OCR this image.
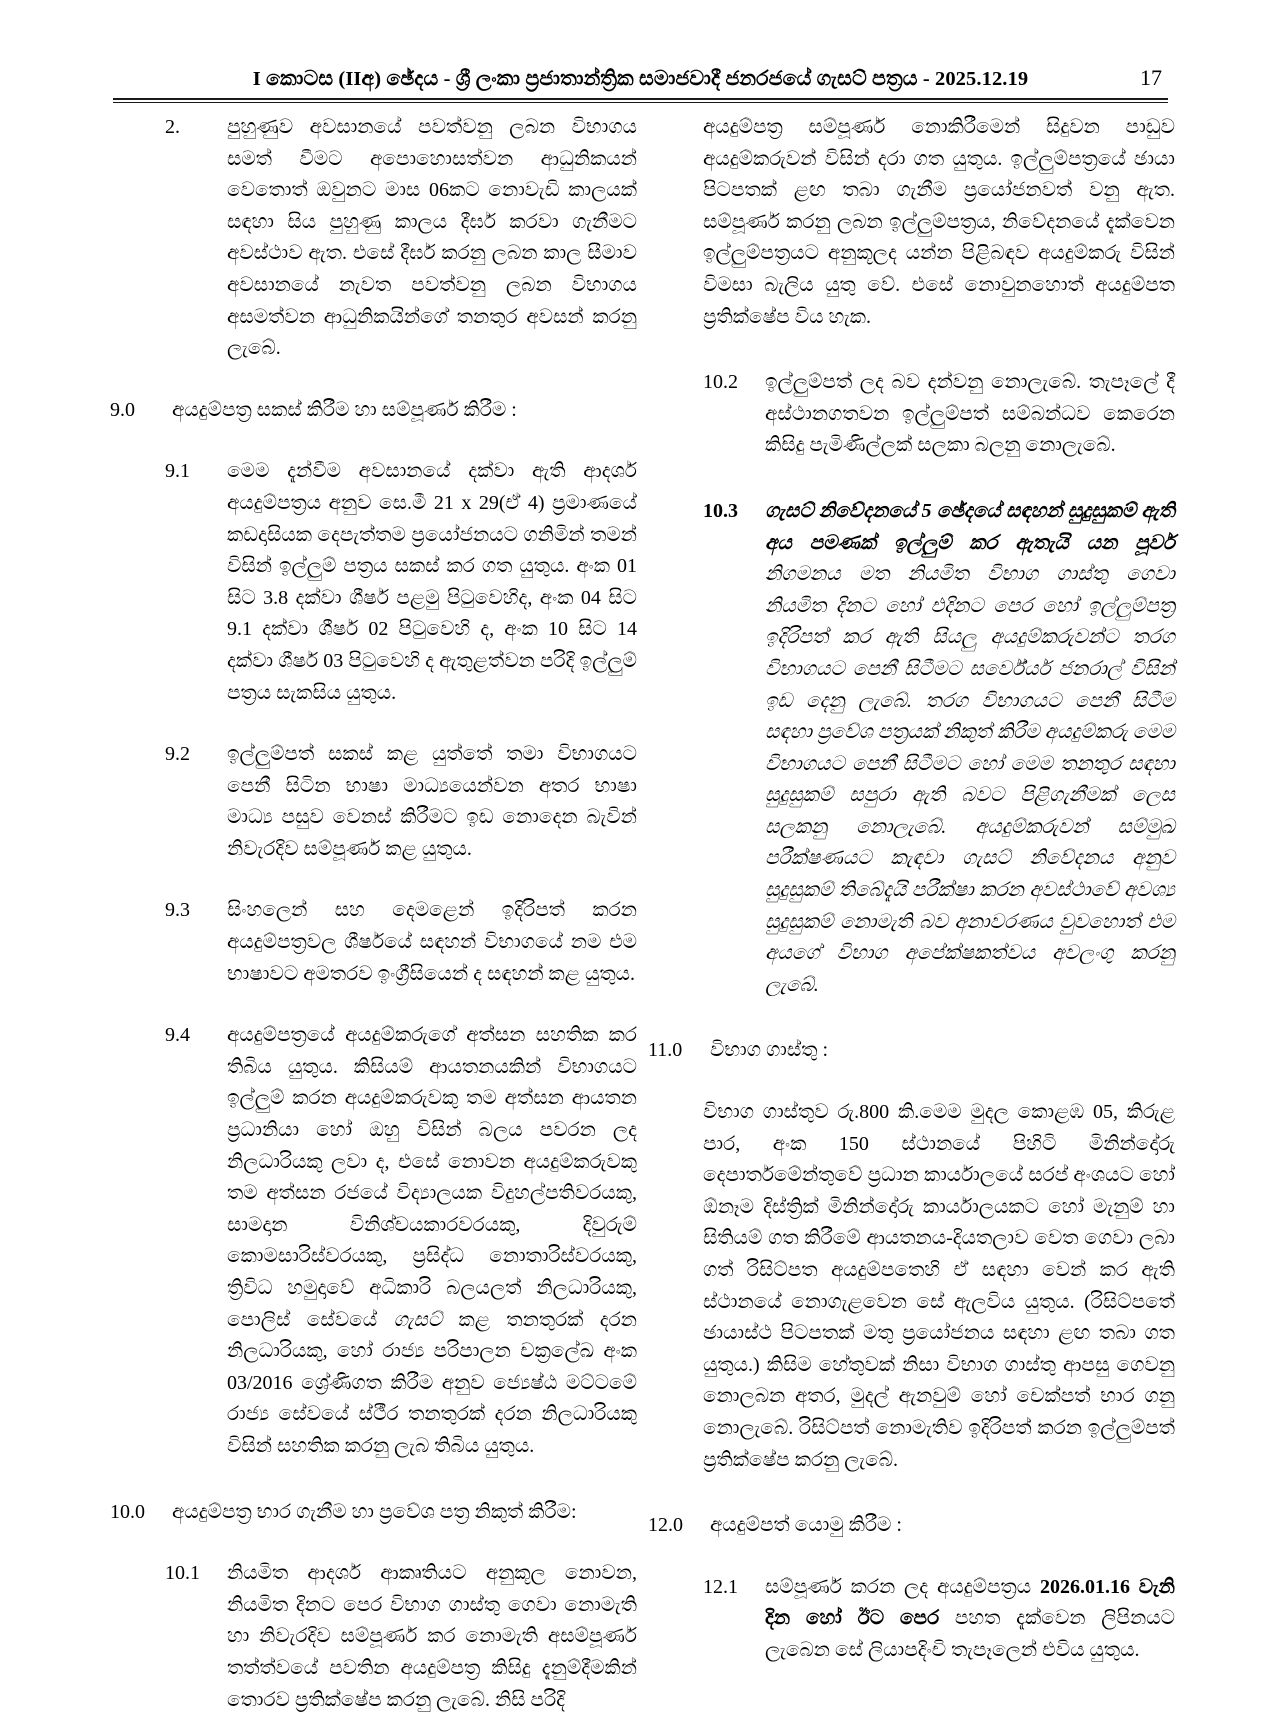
I කොටස (IIඅ) ඡේදය - ශ්‍රී ලංකා ප්‍රජාතාන්ත්‍රික සමාජවාදී ජනරජයේ ගැසට් පත්‍රය - 2025.12.19	17
2.	පුහුණුව අවසානයේ පවත්වනු ලබන විභාගය සමත් වීමට අපොහොසත්වන ආධුනිකයන් වෙතොත් ඔවුනට මාස 06කට නොවැඩි කාලයක් සඳහා සිය පුහුණු කාලය දීර්ඝ කරවා ගැනීමට අවස්ථාව ඇත. එසේ දීර්ඝ කරනු ලබන කාල සීමාව අවසානයේ නැවත පවත්වනු ලබන විභාගය අසමත්වන ආධුනිකයින්ගේ තනතුර අවසන් කරනු ලැබේ.
9.0	අයදුම්පත්‍ර සකස් කිරීම හා සම්පූර්ණ කිරීම :
9.1	මෙම දැන්වීම අවසානයේ දක්වා ඇති ආදර්ශ අයදුම්පත්‍රය අනුව සෙ.මී 21 x 29(ඒ 4) ප්‍රමාණයේ කඩදාසියක දෙපැත්තම ප්‍රයෝජනයට ගනිමින් තමන් විසින් ඉල්ලුම් පත්‍රය සකස් කර ගත යුතුය. අංක 01 සිට 3.8 දක්වා ශීර්ෂ පළමු පිටුවෙහිද, අංක 04 සිට 9.1 දක්වා ශීර්ෂ 02 පිටුවෙහි ද, අංක 10 සිට 14 දක්වා ශීර්ෂ 03 පිටුවෙහි ද ඇතුළත්වන පරිදි ඉල්ලුම් පත්‍රය සැකසිය යුතුය.
9.2	ඉල්ලුම්පත් සකස් කළ යුත්තේ තමා විභාගයට පෙනී සිටින භාෂා මාධ්‍යයෙන්වන අතර භාෂා මාධ්‍ය පසුව වෙනස් කිරීමට ඉඩ නොදෙන බැවින් නිවැරදිව සම්පූර්ණ කළ යුතුය.
9.3	සිංහලෙන් සහ දෙමළෙන් ඉදිරිපත් කරන අයදුම්පත්‍රවල ශීර්ෂයේ සඳහන් විභාගයේ නම එම භාෂාවට අමතරව ඉංග්‍රීසියෙන් ද සඳහන් කළ යුතුය.
9.4	අයදුම්පත්‍රයේ අයදුම්කරුගේ අත්සන සහතික කර තිබිය යුතුය. කිසියම් ආයතනයකින් විභාගයට ඉල්ලුම් කරන අයදුම්කරුවකු තම අත්සන ආයතන ප්‍රධානියා හෝ ඔහු විසින් බලය පවරන ලද නිලධාරියකු ලවා ද, එසේ නොවන අයදුම්කරුවකු තම අත්සන රජයේ විද්‍යාලයක විදුහල්පතිවරයකු, සාමදාන විනිශ්චයකාරවරයකු, දිවුරුම් කොමසාරිස්වරයකු, ප්‍රසිද්ධ නොතාරිස්වරයකු, ත්‍රිවිධ හමුදාවේ අධිකාරි බලයලත් නිලධාරියකු, පොලිස් සේවයේ ගැසට් කළ තනතුරක් දරන නිලධාරියකු, හෝ රාජ්‍ය පරිපාලන චක්‍රලේඛ අංක 03/2016 ශ්‍රේණිගත කිරීම අනුව ජ්‍යෙෂ්ඨ මට්ටමේ රාජ්‍ය සේවයේ ස්ථීර තනතුරක් දරන නිලධාරියකු විසින් සහතික කරනු ලැබ තිබිය යුතුය.
10.0	අයදුම්පත්‍ර භාර ගැනීම හා ප්‍රවේශ පත්‍ර නිකුත් කිරීම:
10.1	නියමිත ආදර්ශ ආකෘතියට අනුකූල නොවන, නියමිත දිනට පෙර විභාග ගාස්තු ගෙවා නොමැති හා නිවැරදිව සම්පූර්ණ කර නොමැති අසම්පූර්ණ තත්ත්වයේ පවතින අයදුම්පත්‍ර කිසිදු දැනුම්දීමකින් තොරව ප්‍රතික්ෂේප කරනු ලැබේ. නිසි පරිදි
අයදුම්පත්‍ර සම්පූර්ණ නොකිරීමෙන් සිදුවන පාඩුව අයදුම්කරුවන් විසින් දරා ගත යුතුය. ඉල්ලුම්පත්‍රයේ ඡායා පිටපතක් ළඟ තබා ගැනීම ප්‍රයෝජනවත් වනු ඇත. සම්පූර්ණ කරනු ලබන ඉල්ලුම්පත්‍රය, නිවේදනයේ දැක්වෙන ඉල්ලුම්පත්‍රයට අනුකූලද යන්න පිළිබඳව අයදුම්කරු විසින් විමසා බැලිය යුතු වේ. එසේ නොවුනහොත් අයදුම්පත ප්‍රතික්ෂේප විය හැක.
10.2	ඉල්ලුම්පත් ලද බව දන්වනු නොලැබේ. තැපෑලේ දී අස්ථානගතවන ඉල්ලුම්පත් සම්බන්ධව කෙරෙන කිසිදු පැමිණිල්ලක් සලකා බලනු නොලැබේ.
10.3	ගැසට් නිවේදනයේ 5 ඡේදයේ සඳහන් සුදුසුකම් ඇති අය පමණක් ඉල්ලුම් කර ඇතැයි යන පූර්ව නිගමනය මත නියමිත විභාග ගාස්තු ගෙවා නියමිත දිනට හෝ එදිනට පෙර හෝ ඉල්ලුම්පත්‍ර ඉදිරිපත් කර ඇති සියලු අයදුම්කරුවන්ට තරග විභාගයට පෙනී සිටීමට සර්වේයර් ජනරාල් විසින් ඉඩ දෙනු ලැබේ. තරග විභාගයට පෙනී සිටීම සඳහා ප්‍රවේශ පත්‍රයක් නිකුත් කිරීම අයදුම්කරු මෙම විභාගයට පෙනී සිටීමට හෝ මෙම තනතුර සඳහා සුදුසුකම් සපුරා ඇති බවට පිළිගැනීමක් ලෙස සලකනු නොලැබේ. අයදුම්කරුවන් සම්මුඛ පරීක්ෂණයට කැඳවා ගැසට් නිවේදනය අනුව සුදුසුකම් තිබේදැයි පරීක්ෂා කරන අවස්ථාවේ අවශ්‍ය සුදුසුකම් නොමැති බව අනාවරණය වුවහොත් එම අයගේ විභාග අපේක්ෂකත්වය අවලංගු කරනු ලැබේ.
11.0	විභාග ගාස්තු :
විභාග ගාස්තුව රු.800 කි.මෙම මුදල කොළඹ 05, කිරුළ පාර, අංක 150 ස්ථානයේ පිහිටි මිනින්දෝරු දෙපාර්තමේන්තුවේ ප්‍රධාන කාර්යාලයේ සරප් අංශයට හෝ ඕනෑම දිස්ත්‍රික් මිනින්දෝරු කාර්යාලයකට හෝ මැනුම් හා සිතියම් ගත කිරීමේ ආයතනය-දියතලාව වෙත ගෙවා ලබා ගත් රිසිට්පත අයදුම්පතෙහි ඒ සඳහා වෙන් කර ඇති ස්ථානයේ නොගැළවෙන සේ ඇලවිය යුතුය. (රිසිට්පතේ ඡායාස්ථ පිටපතක් මතු ප්‍රයෝජනය සඳහා ළඟ තබා ගත යුතුය.) කිසිම හේතුවක් නිසා විභාග ගාස්තු ආපසු ගෙවනු නොලබන අතර, මුදල් ඇනවුම් හෝ චෙක්පත් භාර ගනු නොලැබේ. රිසිට්පත් නොමැතිව ඉදිරිපත් කරන ඉල්ලුම්පත් ප්‍රතික්ෂේප කරනු ලැබේ.
12.0	අයදුම්පත් යොමු කිරීම :
12.1	සම්පූර්ණ කරන ලද අයදුම්පත්‍රය 2026.01.16 වැනි දින හෝ ඊට පෙර පහත දැක්වෙන ලිපිනයට ලැබෙන සේ ලියාපදිංචි තැපෑලෙන් එවිය යුතුය.
